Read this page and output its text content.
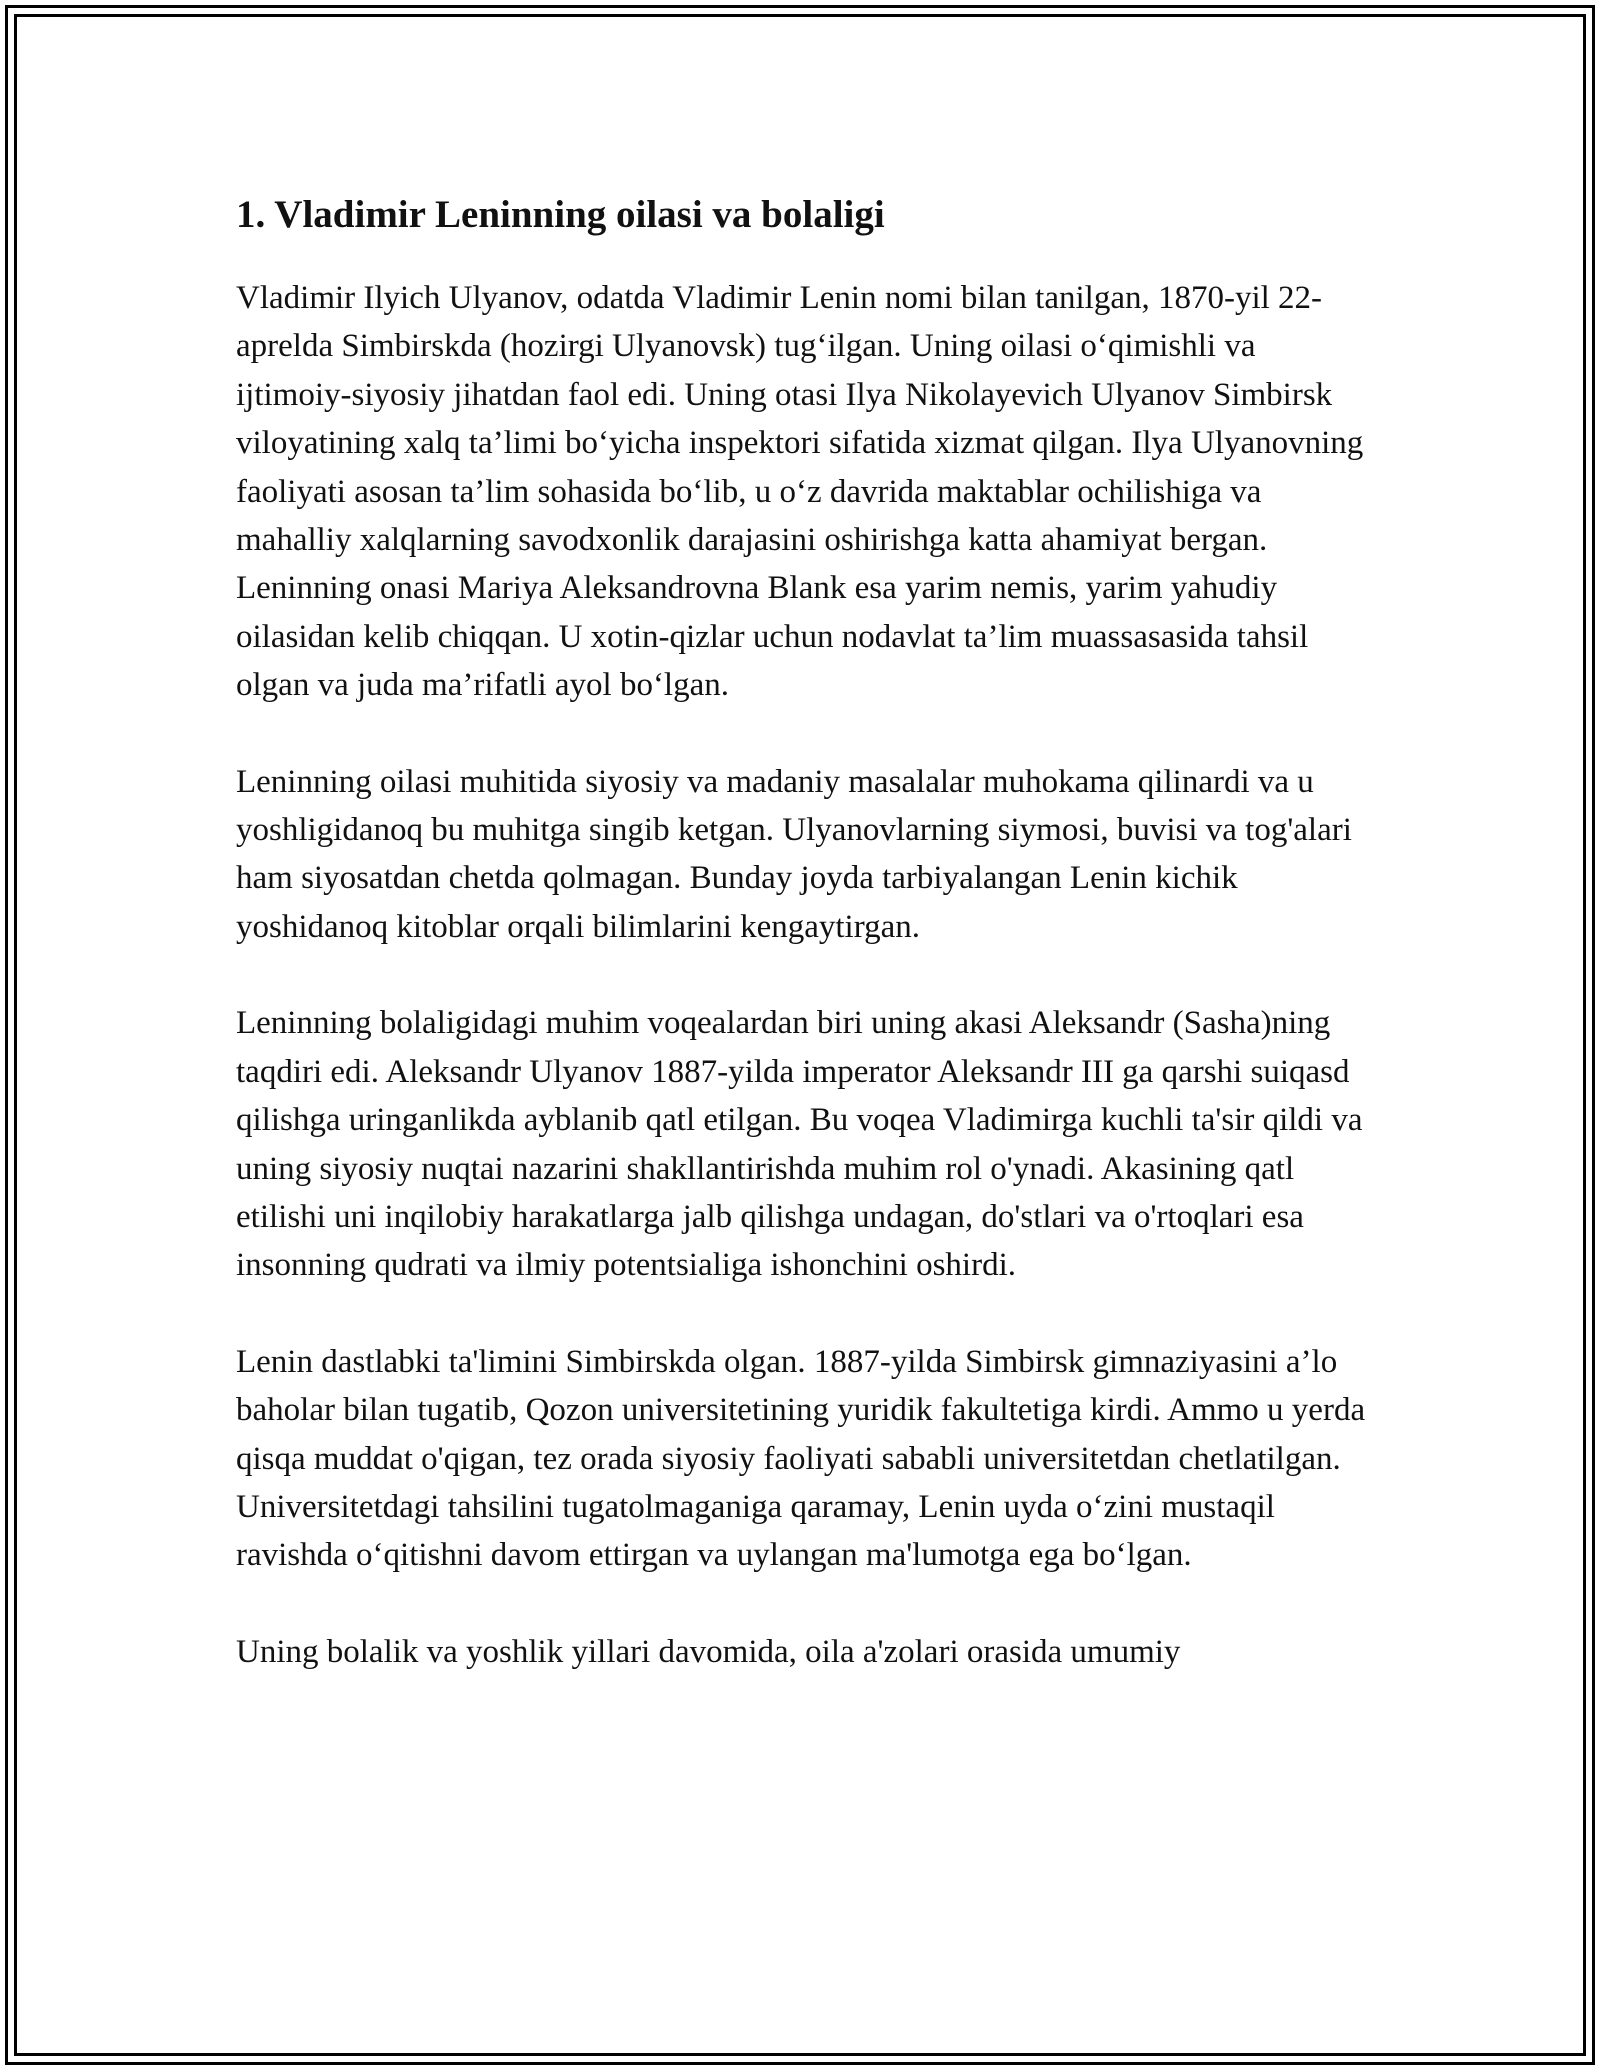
1. Vladimir Leninning oilasi va bolaligi

Vladimir Ilyich Ulyanov, odatda Vladimir Lenin nomi bilan tanilgan, 1870-yil 22-aprelda Simbirskda (hozirgi Ulyanovsk) tug‘ilgan. Uning oilasi o‘qimishli va ijtimoiy-siyosiy jihatdan faol edi. Uning otasi Ilya Nikolayevich Ulyanov Simbirsk viloyatining xalq ta’limi bo‘yicha inspektori sifatida xizmat qilgan. Ilya Ulyanovning faoliyati asosan ta’lim sohasida bo‘lib, u o‘z davrida maktablar ochilishiga va mahalliy xalqlarning savodxonlik darajasini oshirishga katta ahamiyat bergan. Leninning onasi Mariya Aleksandrovna Blank esa yarim nemis, yarim yahudiy oilasidan kelib chiqqan. U xotin-qizlar uchun nodavlat ta’lim muassasasida tahsil olgan va juda ma’rifatli ayol bo‘lgan.

Leninning oilasi muhitida siyosiy va madaniy masalalar muhokama qilinardi va u yoshligidanoq bu muhitga singib ketgan. Ulyanovlarning siymosi, buvisi va tog'alari ham siyosatdan chetda qolmagan. Bunday joyda tarbiyalangan Lenin kichik yoshidanoq kitoblar orqali bilimlarini kengaytirgan.

Leninning bolaligidagi muhim voqealardan biri uning akasi Aleksandr (Sasha)ning taqdiri edi. Aleksandr Ulyanov 1887-yilda imperator Aleksandr III ga qarshi suiqasd qilishga uringanlikda ayblanib qatl etilgan. Bu voqea Vladimirga kuchli ta'sir qildi va uning siyosiy nuqtai nazarini shakllantirishda muhim rol o'ynadi. Akasining qatl etilishi uni inqilobiy harakatlarga jalb qilishga undagan, do'stlari va o'rtoqlari esa insonning qudrati va ilmiy potentsialiga ishonchini oshirdi.

Lenin dastlabki ta'limini Simbirskda olgan. 1887-yilda Simbirsk gimnaziyasini a’lo baholar bilan tugatib, Qozon universitetining yuridik fakultetiga kirdi. Ammo u yerda qisqa muddat o'qigan, tez orada siyosiy faoliyati sababli universitetdan chetlatilgan. Universitetdagi tahsilini tugatolmaganiga qaramay, Lenin uyda o‘zini mustaqil ravishda o‘qitishni davom ettirgan va uylangan ma'lumotga ega bo‘lgan.

Uning bolalik va yoshlik yillari davomida, oila a'zolari orasida umumiy
